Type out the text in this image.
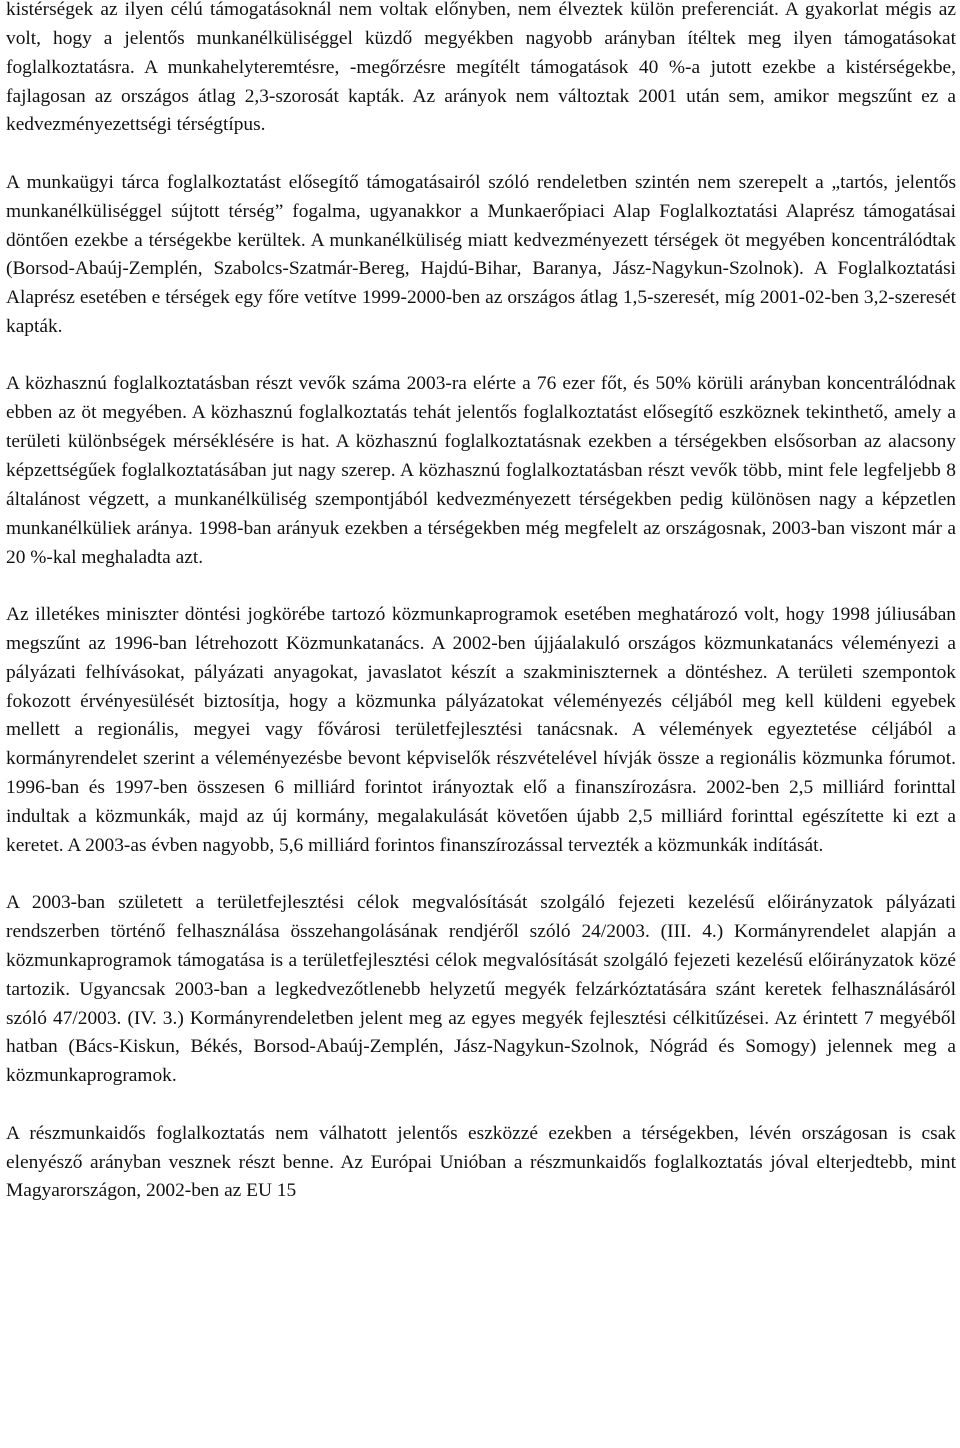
kistérségek az ilyen célú támogatásoknál nem voltak előnyben, nem élveztek külön preferenciát. A gyakorlat mégis az volt, hogy a jelentős munkanélküliséggel küzdő megyékben nagyobb arányban ítéltek meg ilyen támogatásokat foglalkoztatásra. A munkahelyteremtésre, -megőrzésre megítélt támogatások 40 %-a jutott ezekbe a kistérségekbe, fajlagosan az országos átlag 2,3-szorosát kapták. Az arányok nem változtak 2001 után sem, amikor megszűnt ez a kedvezményezettségi térségtípus.

A munkaügyi tárca foglalkoztatást elősegítő támogatásairól szóló rendeletben szintén nem szerepelt a „tartós, jelentős munkanélküliséggel sújtott térség” fogalma, ugyanakkor a Munkaerőpiaci Alap Foglalkoztatási Alaprész támogatásai döntően ezekbe a térségekbe kerültek. A munkanélküliség miatt kedvezményezett térségek öt megyében koncentrálódtak (Borsod-Abaúj-Zemplén, Szabolcs-Szatmár-Bereg, Hajdú-Bihar, Baranya, Jász-Nagykun-Szolnok). A Foglalkoztatási Alaprész esetében e térségek egy főre vetítve 1999-2000-ben az országos átlag 1,5-szeresét, míg 2001-02-ben 3,2-szeresét kapták.

A közhasznú foglalkoztatásban részt vevők száma 2003-ra elérte a 76 ezer főt, és 50% körüli arányban koncentrálódnak ebben az öt megyében. A közhasznú foglalkoztatás tehát jelentős foglalkoztatást elősegítő eszköznek tekinthető, amely a területi különbségek mérséklésére is hat. A közhasznú foglalkoztatásnak ezekben a térségekben elsősorban az alacsony képzettségűek foglalkoztatásában jut nagy szerep. A közhasznú foglalkoztatásban részt vevők több, mint fele legfeljebb 8 általánost végzett, a munkanélküliség szempontjából kedvezményezett térségekben pedig különösen nagy a képzetlen munkanélküliek aránya. 1998-ban arányuk ezekben a térségekben még megfelelt az országosnak, 2003-ban viszont már a 20 %-kal meghaladta azt.

Az illetékes miniszter döntési jogkörébe tartozó közmunkaprogramok esetében meghatározó volt, hogy 1998 júliusában megszűnt az 1996-ban létrehozott Közmunkatanács. A 2002-ben újjáalakuló országos közmunkatanács véleményezi a pályázati felhívásokat, pályázati anyagokat, javaslatot készít a szakminiszternek a döntéshez. A területi szempontok fokozott érvényesülését biztosítja, hogy a közmunka pályázatokat véleményezés céljából meg kell küldeni egyebek mellett a regionális, megyei vagy fővárosi területfejlesztési tanácsnak. A vélemények egyeztetése céljából a kormányrendelet szerint a véleményezésbe bevont képviselők részvételével hívják össze a regionális közmunka fórumot. 1996-ban és 1997-ben összesen 6 milliárd forintot irányoztak elő a finanszírozásra. 2002-ben 2,5 milliárd forinttal indultak a közmunkák, majd az új kormány, megalakulását követően újabb 2,5 milliárd forinttal egészítette ki ezt a keretet. A 2003-as évben nagyobb, 5,6 milliárd forintos finanszírozással tervezték a közmunkák indítását.

A 2003-ban született a területfejlesztési célok megvalósítását szolgáló fejezeti kezelésű előirányzatok pályázati rendszerben történő felhasználása összehangolásának rendjéről szóló 24/2003. (III. 4.) Kormányrendelet alapján a közmunkaprogramok támogatása is a területfejlesztési célok megvalósítását szolgáló fejezeti kezelésű előirányzatok közé tartozik. Ugyancsak 2003-ban a legkedvezőtlenebb helyzetű megyék felzárkóztatására szánt keretek felhasználásáról szóló 47/2003. (IV. 3.) Kormányrendeletben jelent meg az egyes megyék fejlesztési célkitűzései. Az érintett 7 megyéből hatban (Bács-Kiskun, Békés, Borsod-Abaúj-Zemplén, Jász-Nagykun-Szolnok, Nógrád és Somogy) jelennek meg a közmunkaprogramok.

A részmunkaidős foglalkoztatás nem válhatott jelentős eszközzé ezekben a térségekben, lévén országosan is csak elenyésző arányban vesznek részt benne. Az Európai Unióban a részmunkaidős foglalkoztatás jóval elterjedtebb, mint Magyarországon, 2002-ben az EU 15
